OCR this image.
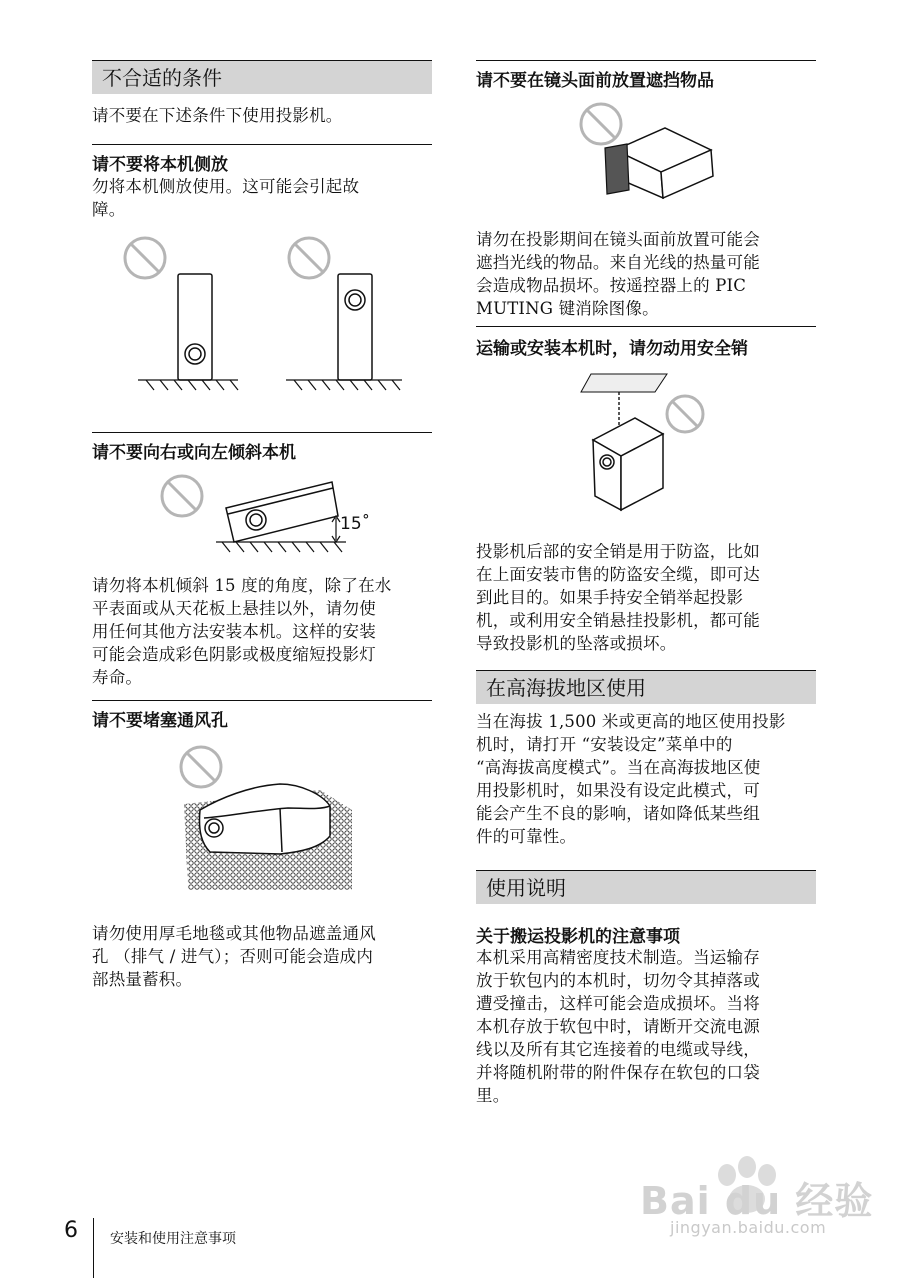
不合适的条件
请不要在下述条件下使用投影机。
请不要将本机侧放
勿将本机侧放使用。这可能会引起故
障。
请不要向右或向左倾斜本机
15˚
请勿将本机倾斜 15 度的角度，除了在水
平表面或从天花板上悬挂以外，请勿使
用任何其他方法安装本机。这样的安装
可能会造成彩色阴影或极度缩短投影灯
寿命。
请不要堵塞通风孔
请勿使用厚毛地毯或其他物品遮盖通风
孔 （排气 / 进气）；否则可能会造成内
部热量蓄积。
请不要在镜头面前放置遮挡物品
请勿在投影期间在镜头面前放置可能会
遮挡光线的物品。来自光线的热量可能
会造成物品损坏。按遥控器上的 PIC
MUTING 键消除图像。
运输或安装本机时，请勿动用安全销
投影机后部的安全销是用于防盗，比如
在上面安装市售的防盗安全缆，即可达
到此目的。如果手持安全销举起投影
机，或利用安全销悬挂投影机，都可能
导致投影机的坠落或损坏。
在高海拔地区使用
当在海拔 1,500 米或更高的地区使用投影
机时，请打开 “安装设定”菜单中的
“高海拔高度模式”。当在高海拔地区使
用投影机时，如果没有设定此模式，可
能会产生不良的影响，诸如降低某些组
件的可靠性。
使用说明
关于搬运投影机的注意事项
本机采用高精密度技术制造。当运输存
放于软包内的本机时，切勿令其掉落或
遭受撞击，这样可能会造成损坏。当将
本机存放于软包中时，请断开交流电源
线以及所有其它连接着的电缆或导线，
并将随机附带的附件保存在软包的口袋
里。
6 安装和使用注意事项
Bai du 经验
jingyan.baidu.com
